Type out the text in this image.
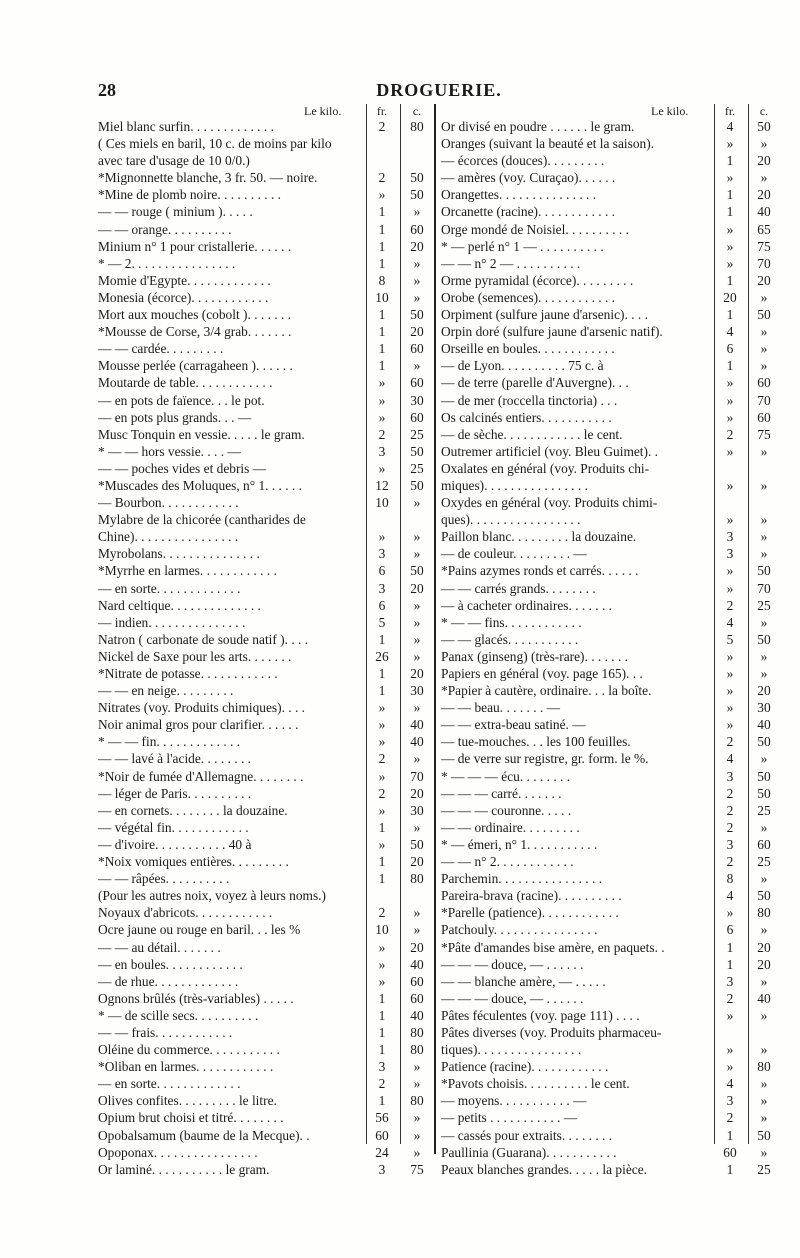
28	DROGUERIE.
Le kilo.	fr.	c.
Miel blanc surfin. . . . . . . . . . . . .	2	80
( Ces miels en baril, 10 c. de moins par kilo
avec tare d'usage de 10 0/0.)
*Mignonnette blanche, 3 fr. 50. — noire.	2	50
*Mine de plomb noire. . . . . . . . . .	»	50
— — rouge ( minium ). . . . .	1	»
— — orange. . . . . . . . . .	1	60
Minium n° 1 pour cristallerie. . . . . .	1	20
* — 2. . . . . . . . . . . . . . . .	1	»
Momie d'Egypte. . . . . . . . . . . . .	8	»
Monesia (écorce). . . . . . . . . . . .	10	»
Mort aux mouches (cobolt ). . . . . . .	1	50
*Mousse de Corse, 3/4 grab. . . . . . .	1	20
— — cardée. . . . . . . . .	1	60
Mousse perlée (carragaheen ). . . . . .	1	»
Moutarde de table. . . . . . . . . . . .	»	60
— en pots de faïence. . . le pot.	»	30
— en pots plus grands. . . —	»	60
Musc Tonquin en vessie. . . . . le gram.	2	25
* — — hors vessie. . . . —	3	50
— — poches vides et debris —	»	25
*Muscades des Moluques, n° 1. . . . . .	12	50
— Bourbon. . . . . . . . . . . .	10	»
Mylabre de la chicorée (cantharides de
Chine). . . . . . . . . . . . . . . .	»	»
Myrobolans. . . . . . . . . . . . . . .	3	»
*Myrrhe en larmes. . . . . . . . . . . .	6	50
— en sorte. . . . . . . . . . . . .	3	20
Nard celtique. . . . . . . . . . . . . .	6	»
— indien. . . . . . . . . . . . . . .	5	»
Natron ( carbonate de soude natif ). . . .	1	»
Nickel de Saxe pour les arts. . . . . . .	26	»
*Nitrate de potasse. . . . . . . . . . . .	1	20
— — en neige. . . . . . . . .	1	30
Nitrates (voy. Produits chimiques). . . .	»	»
Noir animal gros pour clarifier. . . . . .	»	40
* — — fin. . . . . . . . . . . . .	»	40
— — lavé à l'acide. . . . . . . .	2	»
*Noir de fumée d'Allemagne. . . . . . . .	»	70
— léger de Paris. . . . . . . . . .	2	20
— en cornets. . . . . . . . la douzaine.	»	30
— végétal fin. . . . . . . . . . . .	1	»
— d'ivoire. . . . . . . . . . . 40 à	»	50
*Noix vomiques entières. . . . . . . . .	1	20
— — râpées. . . . . . . . . .	1	80
(Pour les autres noix, voyez à leurs noms.)
Noyaux d'abricots. . . . . . . . . . . .	2	»
Ocre jaune ou rouge en baril. . . les %	10	»
— — au détail. . . . . . .	»	20
— en boules. . . . . . . . . . . .	»	40
— de rhue. . . . . . . . . . . . .	»	60
Ognons brûlés (très-variables) . . . . .	1	60
* — de scille secs. . . . . . . . . .	1	40
— — frais. . . . . . . . . . . .	1	80
Oléine du commerce. . . . . . . . . . .	1	80
*Oliban en larmes. . . . . . . . . . . .	3	»
— en sorte. . . . . . . . . . . . .	2	»
Olives confites. . . . . . . . . le litre.	1	80
Opium brut choisi et titré. . . . . . . .	56	»
Opobalsamum (baume de la Mecque). .	60	»
Opoponax. . . . . . . . . . . . . . . .	24	»
Or laminé. . . . . . . . . . . le gram.	3	75
Le kilo.	fr.	c.
Or divisé en poudre . . . . . . le gram.	4	50
Oranges (suivant la beauté et la saison).	»	»
— écorces (douces). . . . . . . . .	1	20
— amères (voy. Curaçao). . . . . .	»	»
Orangettes. . . . . . . . . . . . . . .	1	20
Orcanette (racine). . . . . . . . . . . .	1	40
Orge mondé de Noisiel. . . . . . . . . .	»	65
* — perlé n° 1 — . . . . . . . . . .	»	75
— — n° 2 — . . . . . . . . . .	»	70
Orme pyramidal (écorce). . . . . . . . .	1	20
Orobe (semences). . . . . . . . . . . .	20	»
Orpiment (sulfure jaune d'arsenic). . . .	1	50
Orpin doré (sulfure jaune d'arsenic natif).	4	»
Orseille en boules. . . . . . . . . . . .	6	»
— de Lyon. . . . . . . . . . 75 c. à	1	»
— de terre (parelle d'Auvergne). . .	»	60
— de mer (roccella tinctoria) . . .	»	70
Os calcinés entiers. . . . . . . . . . .	»	60
— de sèche. . . . . . . . . . . . le cent.	2	75
Outremer artificiel (voy. Bleu Guimet). .	»	»
Oxalates en général (voy. Produits chi-
miques). . . . . . . . . . . . . . . .	»	»
Oxydes en général (voy. Produits chimi-
ques). . . . . . . . . . . . . . . . .	»	»
Paillon blanc. . . . . . . . . la douzaine.	3	»
— de couleur. . . . . . . . . —	3	»
*Pains azymes ronds et carrés. . . . . .	»	50
— — carrés grands. . . . . . . .	»	70
— à cacheter ordinaires. . . . . . .	2	25
* — — fins. . . . . . . . . . . .	4	»
— — glacés. . . . . . . . . . .	5	50
Panax (ginseng) (très-rare). . . . . . .	»	»
Papiers en général (voy. page 165). . .	»	»
*Papier à cautère, ordinaire. . . la boîte.	»	20
— — beau. . . . . . . —	»	30
— — extra-beau satiné. —	»	40
— tue-mouches. . . les 100 feuilles.	2	50
— de verre sur registre, gr. form. le %.	4	»
* — — — écu. . . . . . . .	3	50
— — — carré. . . . . . .	2	50
— — — couronne. . . . .	2	25
— — ordinaire. . . . . . . . .	2	»
* — émeri, n° 1. . . . . . . . . . .	3	60
— — n° 2. . . . . . . . . . . .	2	25
Parchemin. . . . . . . . . . . . . . . .	8	»
Pareira-brava (racine). . . . . . . . . .	4	50
*Parelle (patience). . . . . . . . . . . .	»	80
Patchouly. . . . . . . . . . . . . . . .	6	»
*Pâte d'amandes bise amère, en paquets. .	1	20
— — — douce, — . . . . . .	1	20
— — blanche amère, — . . . . .	3	»
— — — douce, — . . . . . .	2	40
Pâtes féculentes (voy. page 111) . . . .	»	»
Pâtes diverses (voy. Produits pharmaceu-
tiques). . . . . . . . . . . . . . . .	»	»
Patience (racine). . . . . . . . . . . .	»	80
*Pavots choisis. . . . . . . . . . le cent.	4	»
— moyens. . . . . . . . . . . —	3	»
— petits . . . . . . . . . . . —	2	»
— cassés pour extraits. . . . . . . .	1	50
Paullinia (Guarana). . . . . . . . . . .	60	»
Peaux blanches grandes. . . . . la pièce.	1	25
